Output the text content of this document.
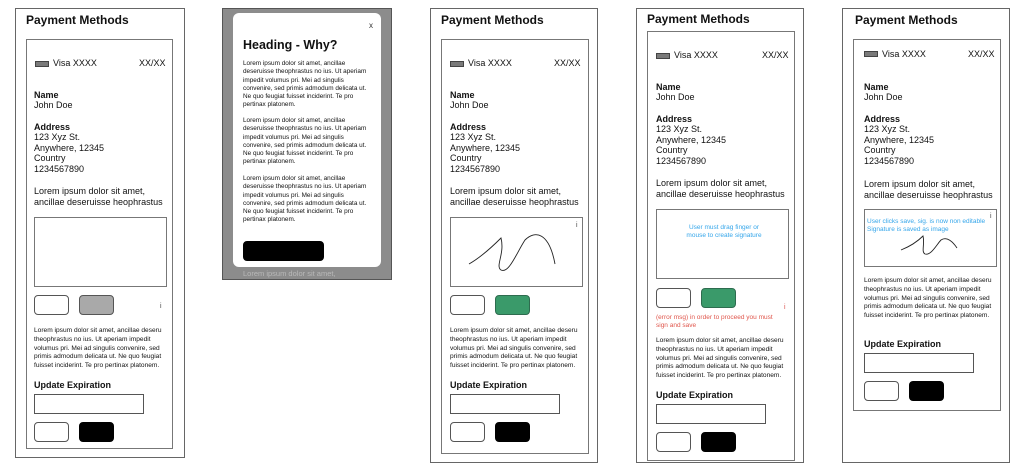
Payment Methods
Visa XXXX	XX/XX
Name
John Doe
Address
123 Xyz St.
Anywhere, 12345
Country
1234567890
Lorem ipsum dolor sit amet, ancillae deseruisse heophrastus
i
Lorem ipsum dolor sit amet, ancillae deseru theophrastus no ius. Ut aperiam impedit volumus pri. Mei ad singulis convenire, sed primis admodum delicata ut. Ne quo feugiat fuisset inciderint. Te pro pertinax platonem.
Update Expiration
x
Heading - Why?
Lorem ipsum dolor sit amet, ancillae deseruisse theophrastus no ius. Ut aperiam impedit volumus pri. Mei ad singulis convenire, sed primis admodum delicata ut. Ne quo feugiat fuisset inciderint. Te pro pertinax platonem.
Lorem ipsum dolor sit amet, ancillae deseruisse theophrastus no ius. Ut aperiam impedit volumus pri. Mei ad singulis convenire, sed primis admodum delicata ut. Ne quo feugiat fuisset inciderint. Te pro pertinax platonem.
Lorem ipsum dolor sit amet, ancillae deseruisse theophrastus no ius. Ut aperiam impedit volumus pri. Mei ad singulis convenire, sed primis admodum delicata ut. Ne quo feugiat fuisset inciderint. Te pro pertinax platonem.
Lorem ipsum dolor sit amet,
Payment Methods
Visa XXXX	XX/XX
Name
John Doe
Address
123 Xyz St.
Anywhere, 12345
Country
1234567890
Lorem ipsum dolor sit amet, ancillae deseruisse heophrastus
i
Lorem ipsum dolor sit amet, ancillae deseru theophrastus no ius. Ut aperiam impedit volumus pri. Mei ad singulis convenire, sed primis admodum delicata ut. Ne quo feugiat fuisset inciderint. Te pro pertinax platonem.
Update Expiration
Payment Methods
Visa XXXX	XX/XX
Name
John Doe
Address
123 Xyz St.
Anywhere, 12345
Country
1234567890
Lorem ipsum dolor sit amet, ancillae deseruisse heophrastus
User must drag finger or mouse to create signature
i
(error msg) in order to proceed you must sign and save
Lorem ipsum dolor sit amet, ancillae deseru theophrastus no ius. Ut aperiam impedit volumus pri. Mei ad singulis convenire, sed primis admodum delicata ut. Ne quo feugiat fuisset inciderint. Te pro pertinax platonem.
Update Expiration
Payment Methods
Visa XXXX	XX/XX
Name
John Doe
Address
123 Xyz St.
Anywhere, 12345
Country
1234567890
Lorem ipsum dolor sit amet, ancillae deseruisse heophrastus
i
User clicks save, sig. is now non editable Signature is saved as image
Lorem ipsum dolor sit amet, ancillae deseru theophrastus no ius. Ut aperiam impedit volumus pri. Mei ad singulis convenire, sed primis admodum delicata ut. Ne quo feugiat fuisset inciderint. Te pro pertinax platonem.
Update Expiration
